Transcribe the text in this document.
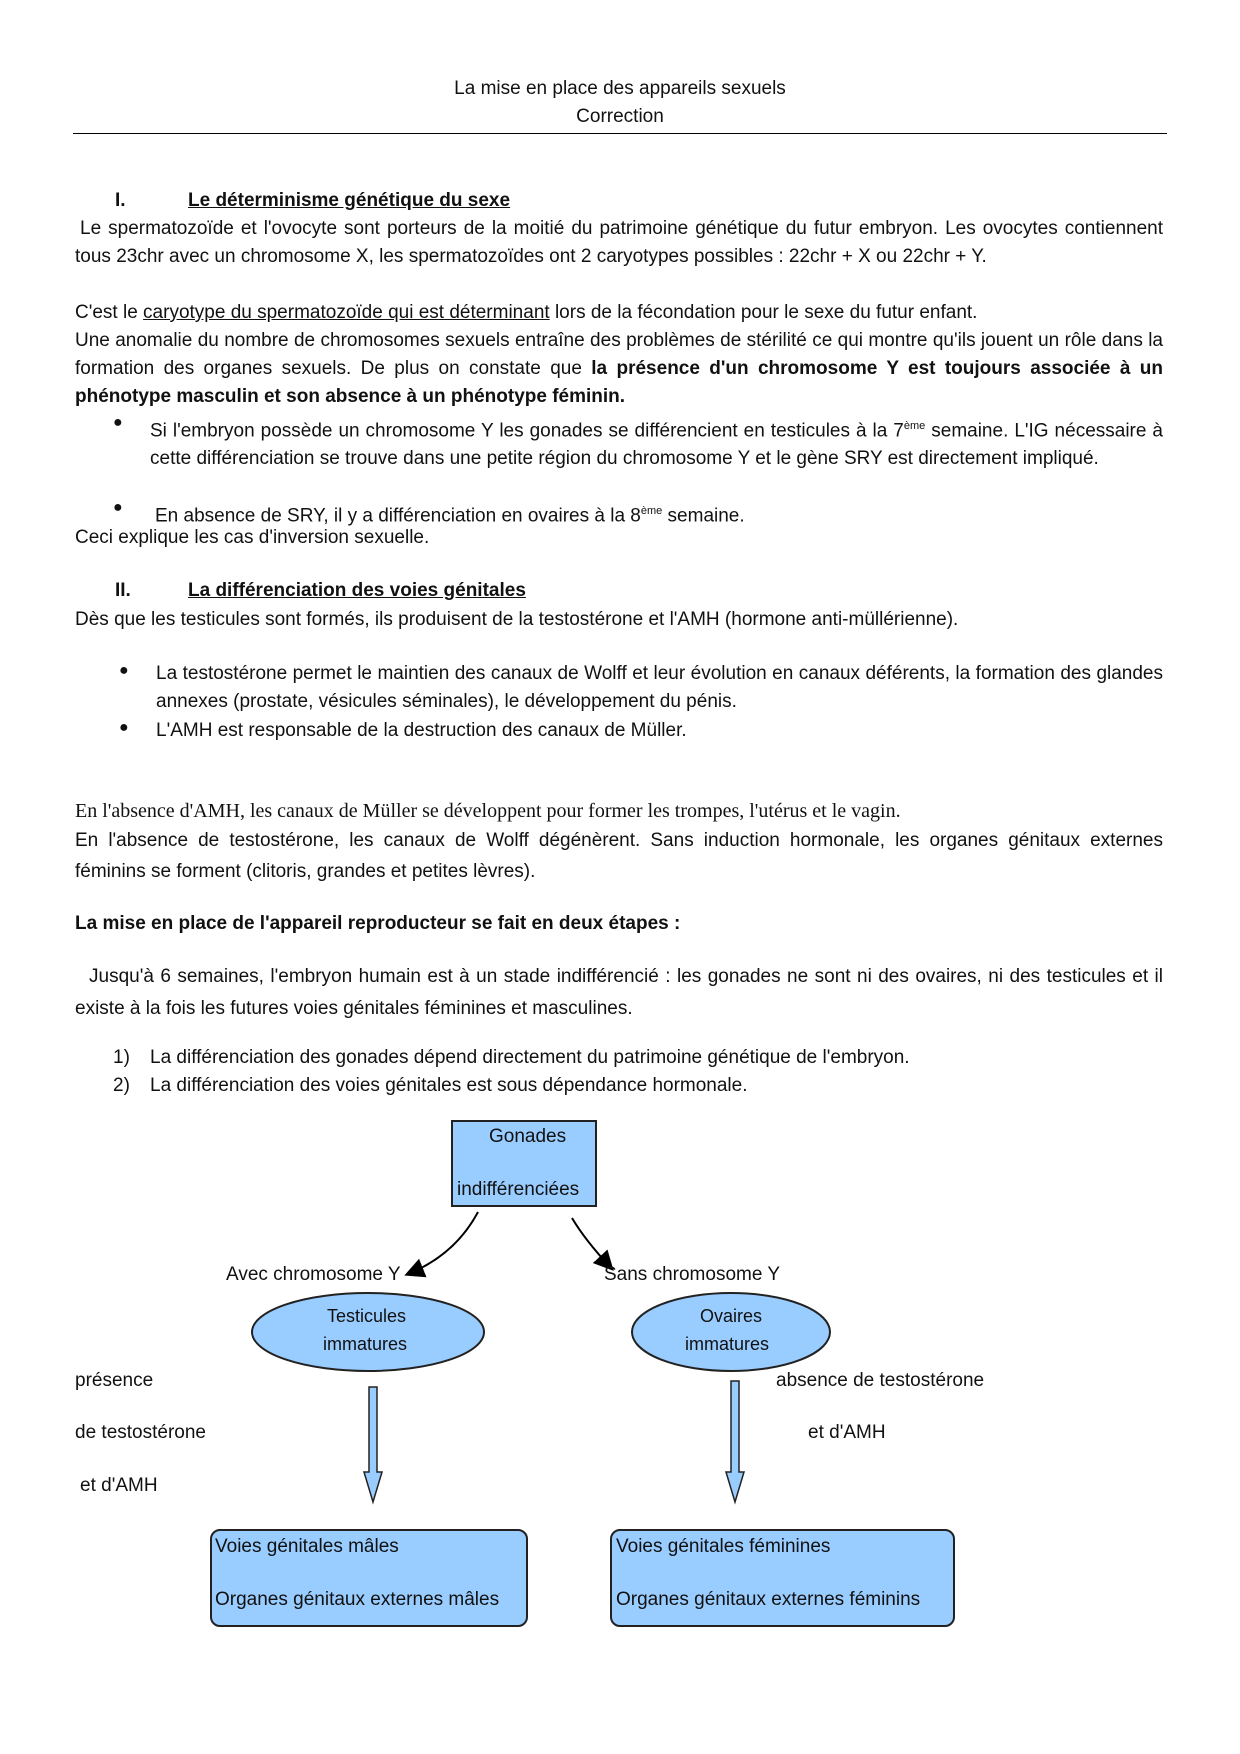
La mise en place des appareils sexuels
Correction
I.	Le déterminisme génétique du sexe
Le spermatozoïde et l'ovocyte sont porteurs de la moitié du patrimoine génétique du futur embryon. Les ovocytes contiennent tous 23chr avec un chromosome X, les spermatozoïdes ont 2 caryotypes possibles : 22chr + X ou 22chr + Y.
C'est le caryotype du spermatozoïde qui est déterminant lors de la fécondation pour le sexe du futur enfant.
Une anomalie du nombre de chromosomes sexuels entraîne des problèmes de stérilité ce qui montre qu'ils jouent un rôle dans la formation des organes sexuels. De plus on constate que la présence d'un chromosome Y est toujours associée à un phénotype masculin et son absence à un phénotype féminin.
● Si l'embryon possède un chromosome Y les gonades se différencient en testicules à la 7ème semaine. L'IG nécessaire à cette différenciation se trouve dans une petite région du chromosome Y et le gène SRY est directement impliqué.
● En absence de SRY, il y a différenciation en ovaires à la 8ème semaine.
Ceci explique les cas d'inversion sexuelle.
II.	La différenciation des voies génitales
Dès que les testicules sont formés, ils produisent de la testostérone et l'AMH (hormone anti-müllérienne).
● La testostérone permet le maintien des canaux de Wolff et leur évolution en canaux déférents, la formation des glandes annexes (prostate, vésicules séminales), le développement du pénis.
● L'AMH est responsable de la destruction des canaux de Müller.
En l'absence d'AMH, les canaux de Müller se développent pour former les trompes, l'utérus et le vagin.
En l'absence de testostérone, les canaux de Wolff dégénèrent. Sans induction hormonale, les organes génitaux externes féminins se forment (clitoris, grandes et petites lèvres).
La mise en place de l'appareil reproducteur se fait en deux étapes :
Jusqu'à 6 semaines, l'embryon humain est à un stade indifférencié : les gonades ne sont ni des ovaires, ni des testicules et il existe à la fois les futures voies génitales féminines et masculines.
1) La différenciation des gonades dépend directement du patrimoine génétique de l'embryon.
2) La différenciation des voies génitales est sous dépendance hormonale.
Gonades
indifférenciées
Avec chromosome Y	Sans chromosome Y
Testicules
immatures
Ovaires
immatures
présence
de testostérone
et d'AMH
absence de testostérone
et d'AMH
Voies génitales mâles
Organes génitaux externes mâles
Voies génitales féminines
Organes génitaux externes féminins
